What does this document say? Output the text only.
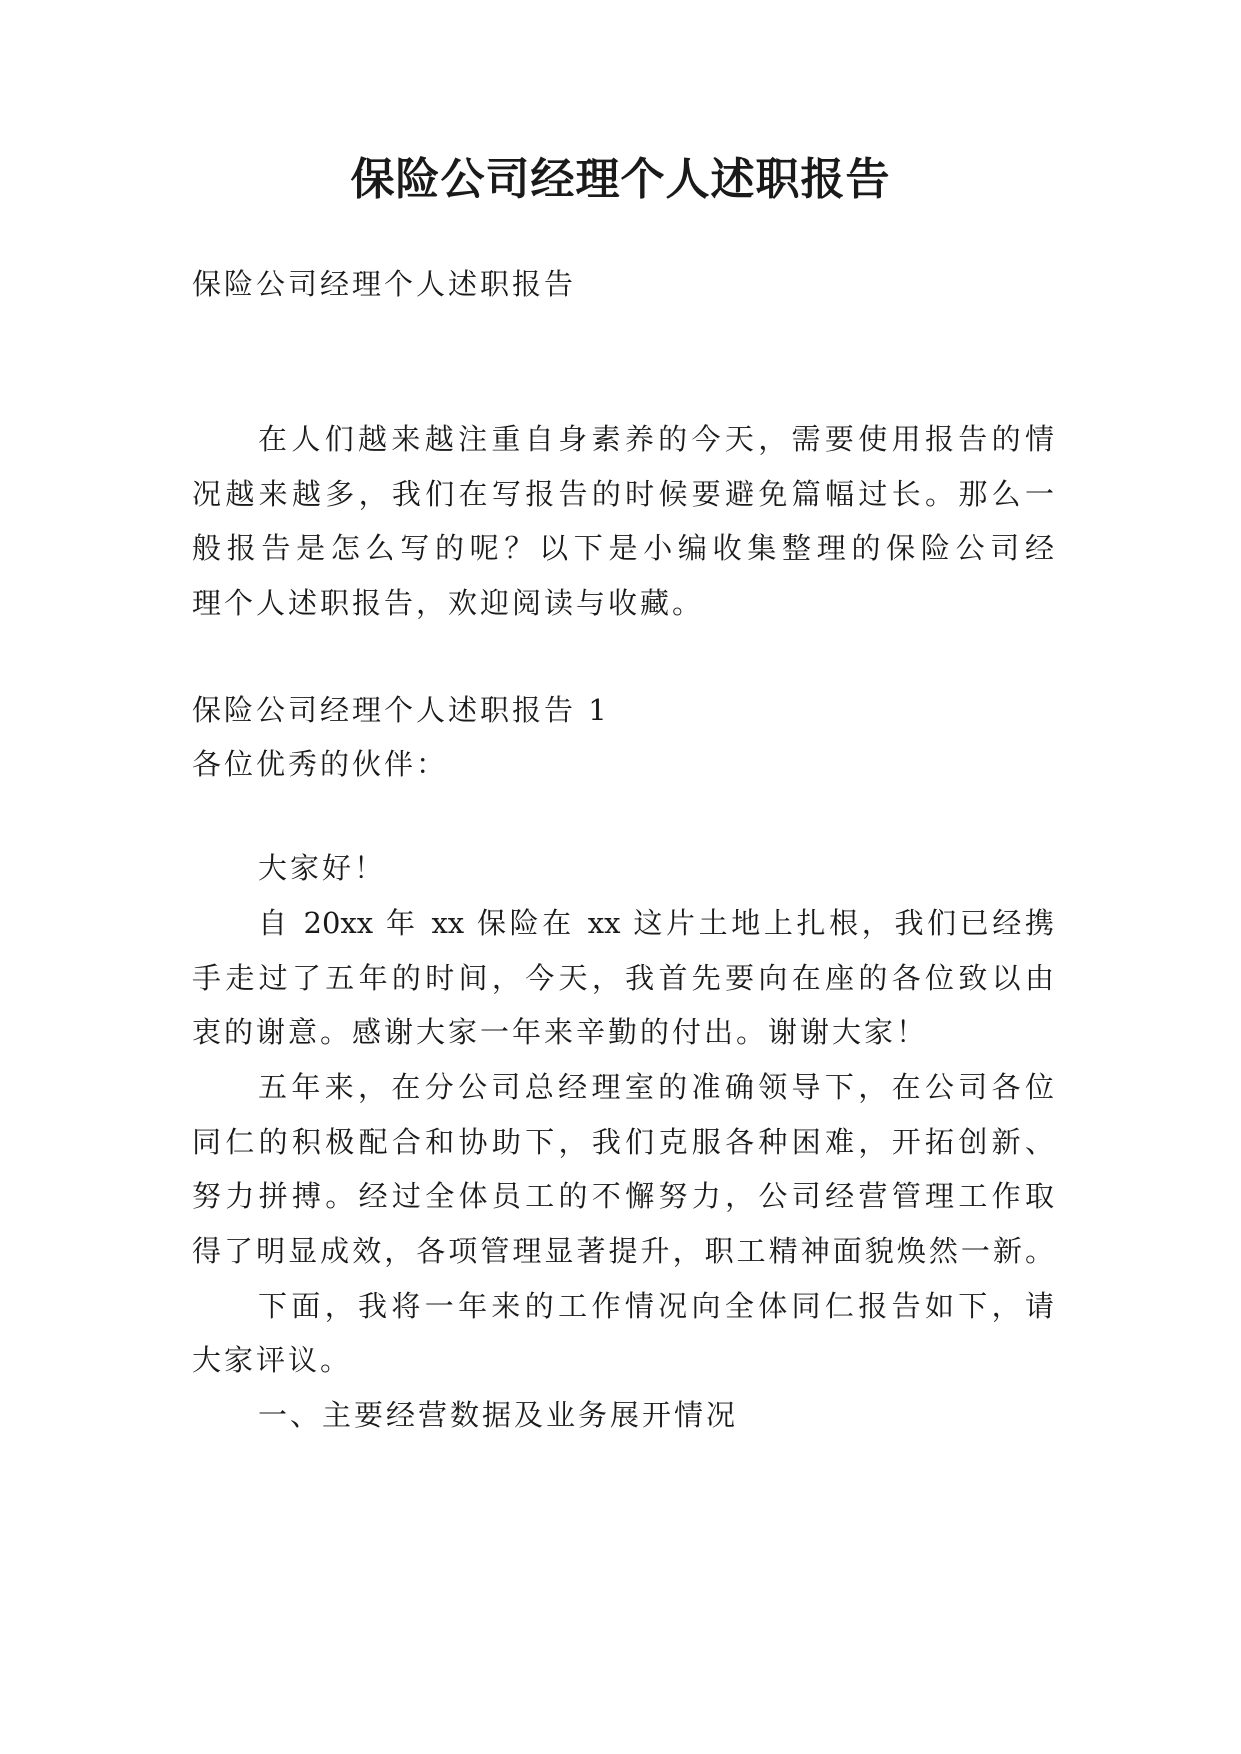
保险公司经理个人述职报告
保险公司经理个人述职报告
在人们越来越注重自身素养的今天，需要使用报告的情
况越来越多，我们在写报告的时候要避免篇幅过长。那么一
般报告是怎么写的呢？以下是小编收集整理的保险公司经
理个人述职报告，欢迎阅读与收藏。
保险公司经理个人述职报告 1
各位优秀的伙伴：
大家好！
自 20xx 年 xx 保险在 xx 这片土地上扎根，我们已经携
手走过了五年的时间，今天，我首先要向在座的各位致以由
衷的谢意。感谢大家一年来辛勤的付出。谢谢大家！
五年来，在分公司总经理室的准确领导下，在公司各位
同仁的积极配合和协助下，我们克服各种困难，开拓创新、
努力拼搏。经过全体员工的不懈努力，公司经营管理工作取
得了明显成效，各项管理显著提升，职工精神面貌焕然一新。
下面，我将一年来的工作情况向全体同仁报告如下，请
大家评议。
一、主要经营数据及业务展开情况
